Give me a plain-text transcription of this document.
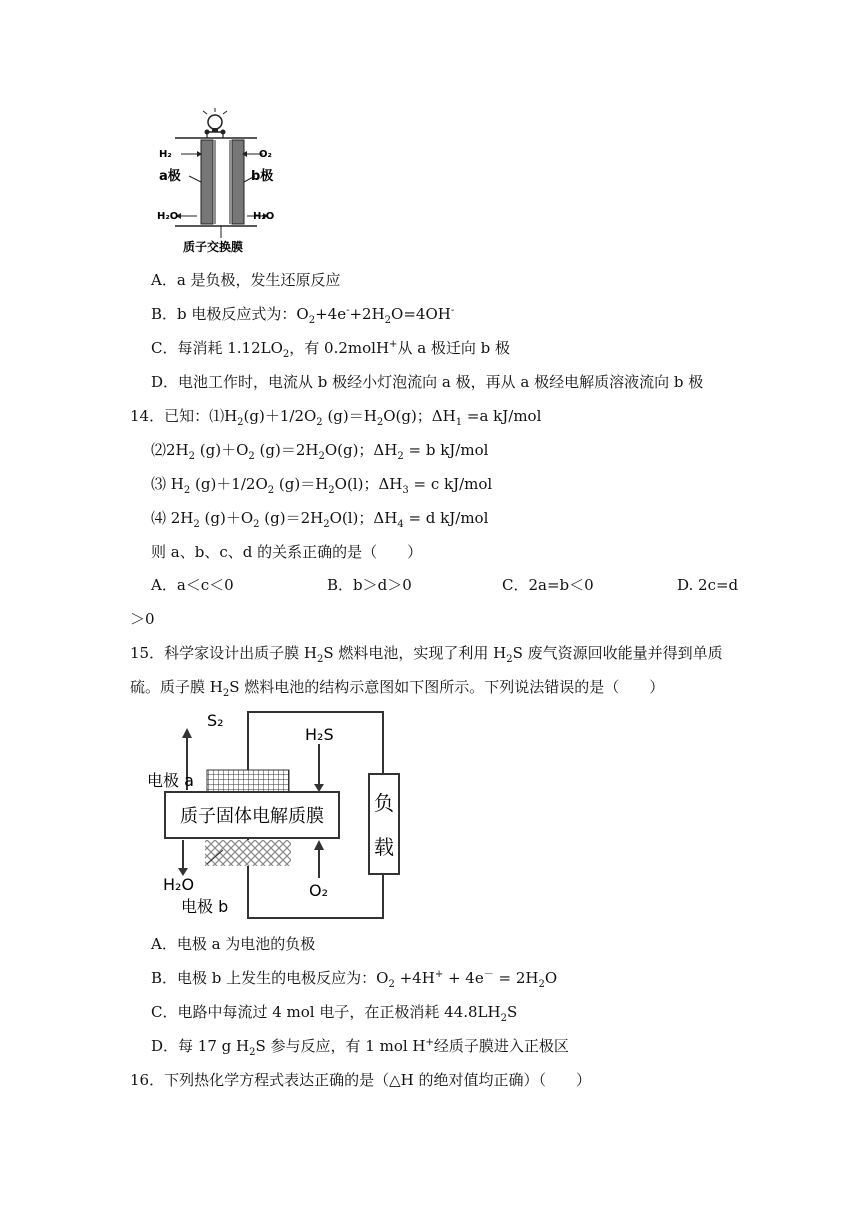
H₂	O₂
a极	b极
H₂O	H₂O
质子交换膜
A．a 是负极，发生还原反应
B．b 电极反应式为：$O_2+4e^-+2H_2O=4OH^-$
C．每消耗 $1.12LO_2$，有 0.2molH+从 a 极迁向 b 极
D．电池工作时，电流从 b 极经小灯泡流向 a 极，再从 a 极经电解质溶液流向 b 极
14．已知：$⑴H_2(g)+1/2O_2$ $(g)=H_2O(g)$；$\Delta H_1 =a$ kJ/mol
$⑵2H_2$ $(g)+O_2$ $(g)=2H_2O(g)$；$\Delta H_2 = b$ kJ/mol
⑶ $H_2$ $(g)+1/2O_2$ $(g)=H_2O(l)$；$\Delta H_3 = c$ kJ/mol
⑷ $2H_2$ $(g)+O_2$ $(g)=2H_2O(l)$；$\Delta H_4 = d$ kJ/mol
则 a、b、c、d 的关系正确的是（　　）
A．a＜c＜0	B．b＞d＞0	C．2a=b＜0	D. 2c=d
＞0
15．科学家设计出质子膜 $H_2S$ 燃料电池，实现了利用 $H_2S$ 废气资源回收能量并得到单质
硫。质子膜 $H_2S$ 燃料电池的结构示意图如下图所示。下列说法错误的是（　　）
负
载
质子固体电解质膜
S₂
H₂S
电极 a
H₂O	O₂
电极 b
A．电极 a 为电池的负极
B．电极 b 上发生的电极反应为：$O_2 +4H^+ + 4e^- = 2H_2O$
C．电路中每流过 4 mol 电子，在正极消耗 $44.8LH_2S$
D．每 17 g $H_2S$ 参与反应，有 1 mol H+经质子膜进入正极区
16．下列热化学方程式表达正确的是（△H 的绝对值均正确）（　　）
